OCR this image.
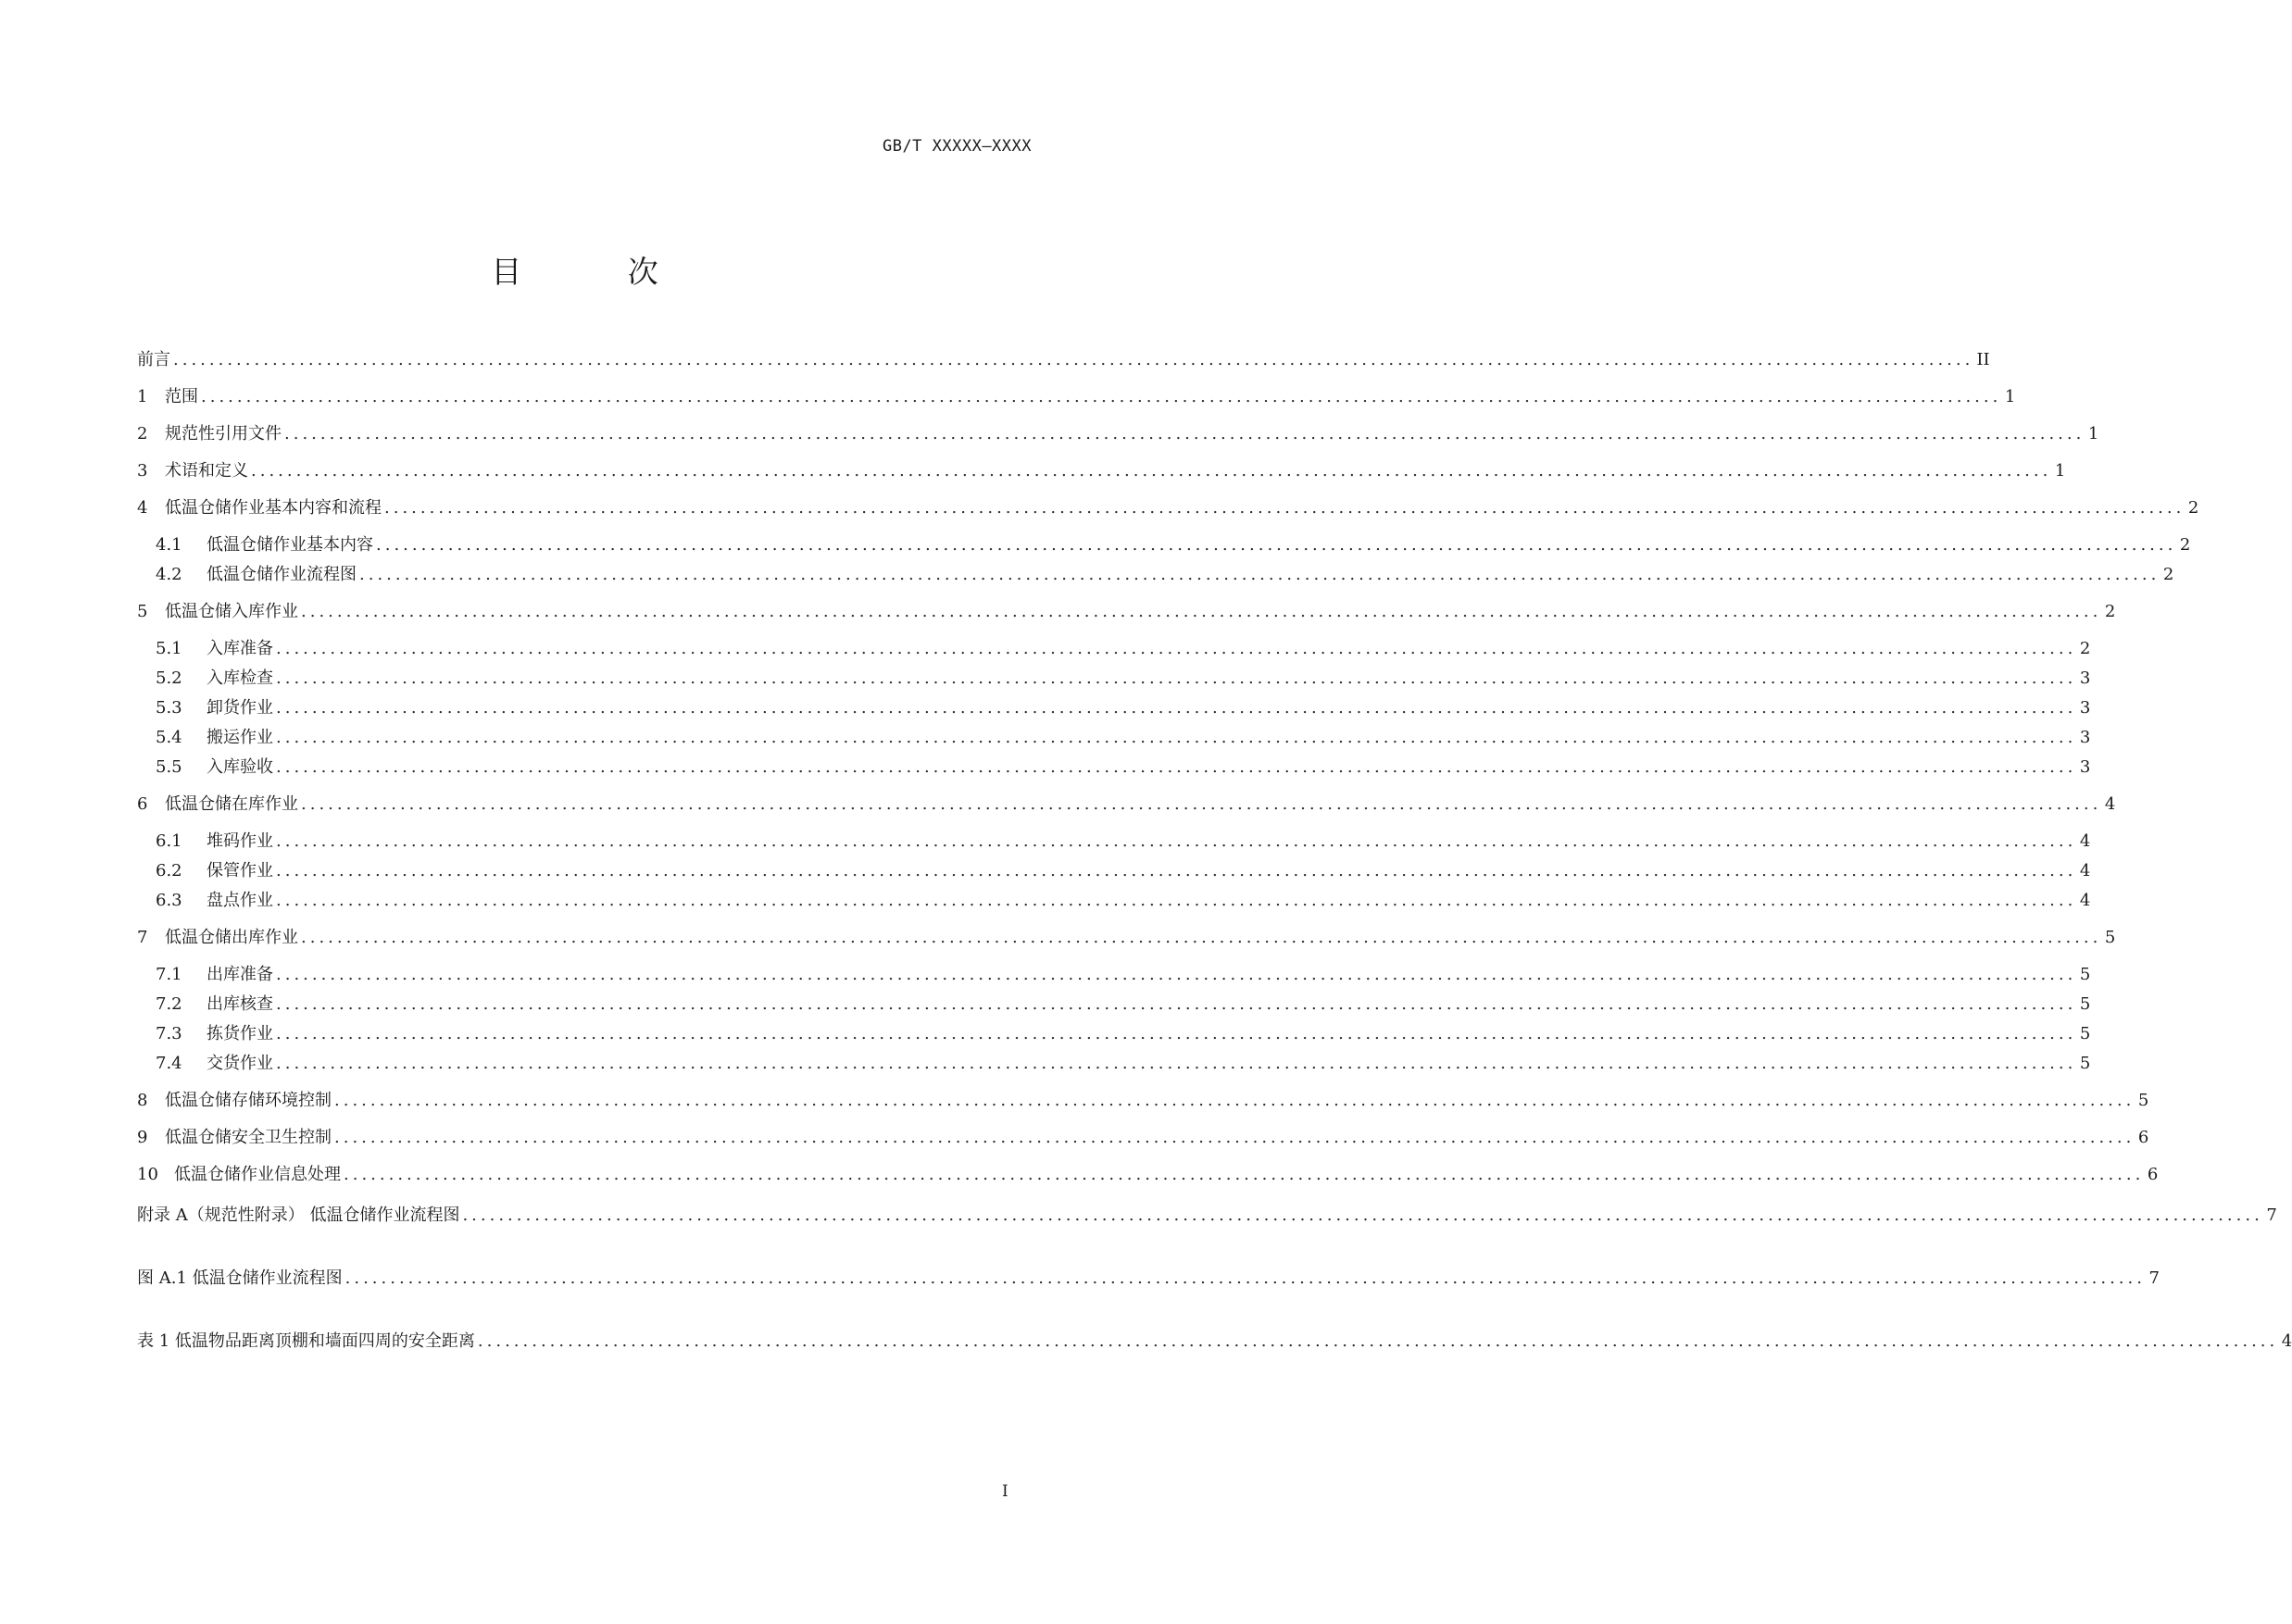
GB/T XXXXX—XXXX
目 次
前言 ........................................................................................................................................................................................................ II
1	范围 ........................................................................................................................................................................................................ 1
2	规范性引用文件 ........................................................................................................................................................................................................ 1
3	术语和定义 ........................................................................................................................................................................................................ 1
4	低温仓储作业基本内容和流程 ........................................................................................................................................................................................................ 2
4.1	低温仓储作业基本内容 ........................................................................................................................................................................................................ 2
4.2	低温仓储作业流程图 ........................................................................................................................................................................................................ 2
5	低温仓储入库作业 ........................................................................................................................................................................................................ 2
5.1	入库准备 ........................................................................................................................................................................................................ 2
5.2	入库检查 ........................................................................................................................................................................................................ 3
5.3	卸货作业 ........................................................................................................................................................................................................ 3
5.4	搬运作业 ........................................................................................................................................................................................................ 3
5.5	入库验收 ........................................................................................................................................................................................................ 3
6	低温仓储在库作业 ........................................................................................................................................................................................................ 4
6.1	堆码作业 ........................................................................................................................................................................................................ 4
6.2	保管作业 ........................................................................................................................................................................................................ 4
6.3	盘点作业 ........................................................................................................................................................................................................ 4
7	低温仓储出库作业 ........................................................................................................................................................................................................ 5
7.1	出库准备 ........................................................................................................................................................................................................ 5
7.2	出库核查 ........................................................................................................................................................................................................ 5
7.3	拣货作业 ........................................................................................................................................................................................................ 5
7.4	交货作业 ........................................................................................................................................................................................................ 5
8	低温仓储存储环境控制 ........................................................................................................................................................................................................ 5
9	低温仓储安全卫生控制 ........................................................................................................................................................................................................ 6
10 低温仓储作业信息处理 ........................................................................................................................................................................................................ 6
附录 A（规范性附录） 低温仓储作业流程图 ........................................................................................................................................................................................................ 7
图 A.1 低温仓储作业流程图 ........................................................................................................................................................................................................ 7
表 1 低温物品距离顶棚和墙面四周的安全距离 ........................................................................................................................................................................................................ 4
I
